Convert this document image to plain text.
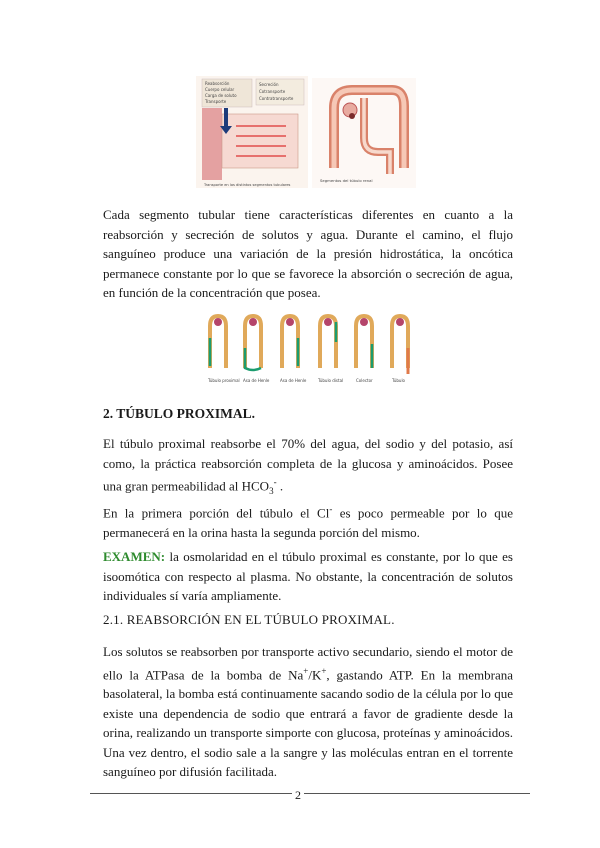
Reabsorción
Cuerpo celular
Carga de soluto
Transporte
Secreción
Cotransporte
Contratransporte
Transporte en los distintos segmentos tubulares
Segmentos del túbulo renal
Túbulo proximal Asa de Henle	Asa de Henle	Túbulo distal	Colector	Túbulo

Cada segmento tubular tiene características diferentes en cuanto a la reabsorción y secreción de solutos y agua. Durante el camino, el flujo sanguíneo produce una variación de la presión hidrostática, la oncótica permanece constante por lo que se favorece la absorción o secreción de agua, en función de la concentración que posea.

2. TÚBULO PROXIMAL.

El túbulo proximal reabsorbe el 70% del agua, del sodio y del potasio, así como, la práctica reabsorción completa de la glucosa y aminoácidos. Posee una gran permeabilidad al $HCO_3^-$ .

En la primera porción del túbulo el Cl- es poco permeable por lo que permanecerá en la orina hasta la segunda porción del mismo.

EXAMEN: la osmolaridad en el túbulo proximal es constante, por lo que es isoomótica con respecto al plasma. No obstante, la concentración de solutos individuales sí varía ampliamente.

2.1. REABSORCIÓN EN EL TÚBULO PROXIMAL.

Los solutos se reabsorben por transporte activo secundario, siendo el motor de ello la ATPasa de la bomba de Na+/K+, gastando ATP. En la membrana basolateral, la bomba está continuamente sacando sodio de la célula por lo que existe una dependencia de sodio que entrará a favor de gradiente desde la orina, realizando un transporte simporte con glucosa, proteínas y aminoácidos. Una vez dentro, el sodio sale a la sangre y las moléculas entran en el torrente sanguíneo por difusión facilitada.

2
